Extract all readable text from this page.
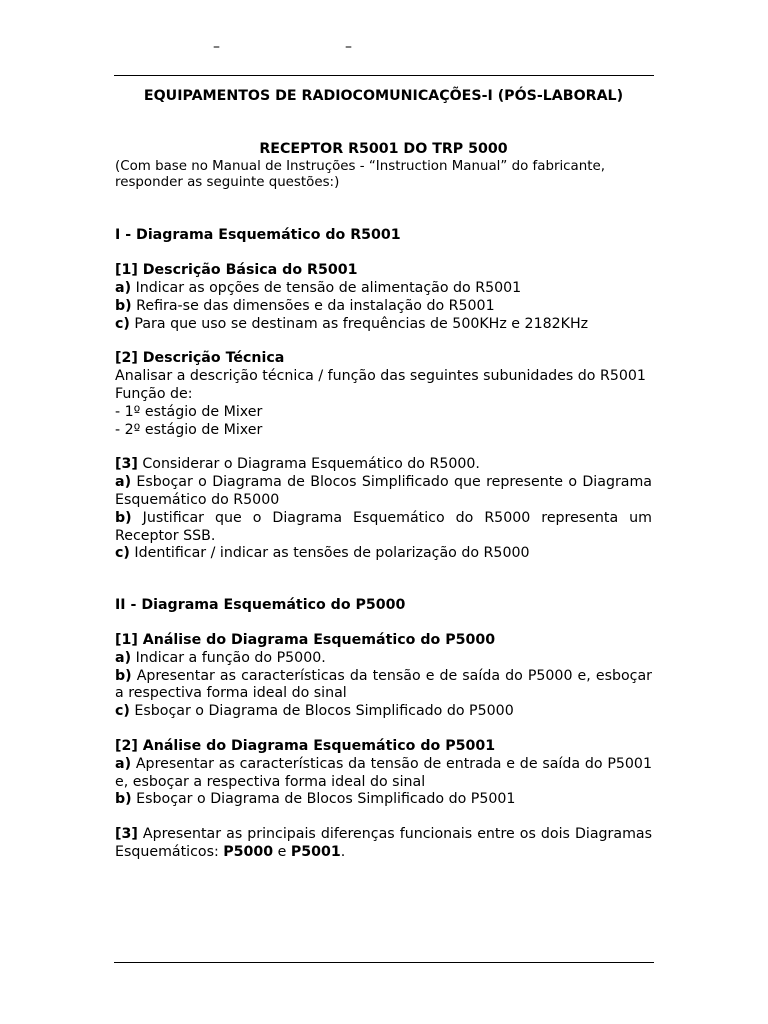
–	–

EQUIPAMENTOS DE RADIOCOMUNICAÇÕES-I (PÓS-LABORAL)

RECEPTOR R5001 DO TRP 5000

(Com base no Manual de Instruções - “Instruction Manual” do fabricante, responder as seguinte questões:)

I - Diagrama Esquemático do R5001

[1] Descrição Básica do R5001

a) Indicar as opções de tensão de alimentação do R5001

b) Refira-se das dimensões e da instalação do R5001

c) Para que uso se destinam as frequências de 500KHz e 2182KHz

[2] Descrição Técnica

Analisar a descrição técnica / função das seguintes subunidades do R5001

Função de:

- 1º estágio de Mixer

- 2º estágio de Mixer

[3] Considerar o Diagrama Esquemático do R5000.

a) Esboçar o Diagrama de Blocos Simplificado que represente o Diagrama Esquemático do R5000

b) Justificar que o Diagrama Esquemático do R5000 representa um Receptor SSB.

c) Identificar / indicar as tensões de polarização do R5000

II - Diagrama Esquemático do P5000

[1] Análise do Diagrama Esquemático do P5000

a) Indicar a função do P5000.

b) Apresentar as características da tensão e de saída do P5000 e, esboçar a respectiva forma ideal do sinal

c) Esboçar o Diagrama de Blocos Simplificado do P5000

[2] Análise do Diagrama Esquemático do P5001

a) Apresentar as características da tensão de entrada e de saída do P5001 e, esboçar a respectiva forma ideal do sinal

b) Esboçar o Diagrama de Blocos Simplificado do P5001

[3] Apresentar as principais diferenças funcionais entre os dois Diagramas Esquemáticos: P5000 e P5001.
